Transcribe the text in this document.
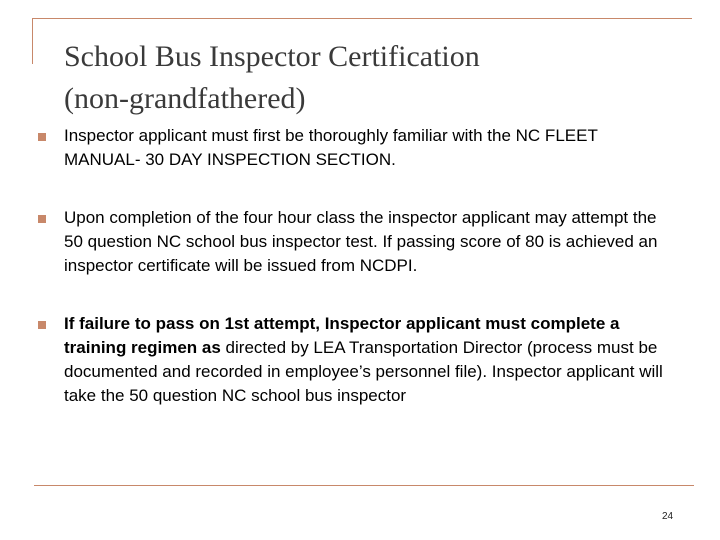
School Bus Inspector Certification
(non-grandfathered)
Inspector applicant must first be thoroughly familiar with the NC FLEET MANUAL- 30 DAY INSPECTION SECTION.
Upon completion of the four hour class the inspector applicant may attempt the 50 question NC school bus inspector test. If passing score of 80 is achieved an inspector certificate will be issued from NCDPI.
If failure to pass on 1st attempt, Inspector applicant must complete a training regimen as directed by LEA Transportation Director (process must be documented and recorded in employee’s personnel file). Inspector applicant will take the 50 question NC school bus inspector
24
